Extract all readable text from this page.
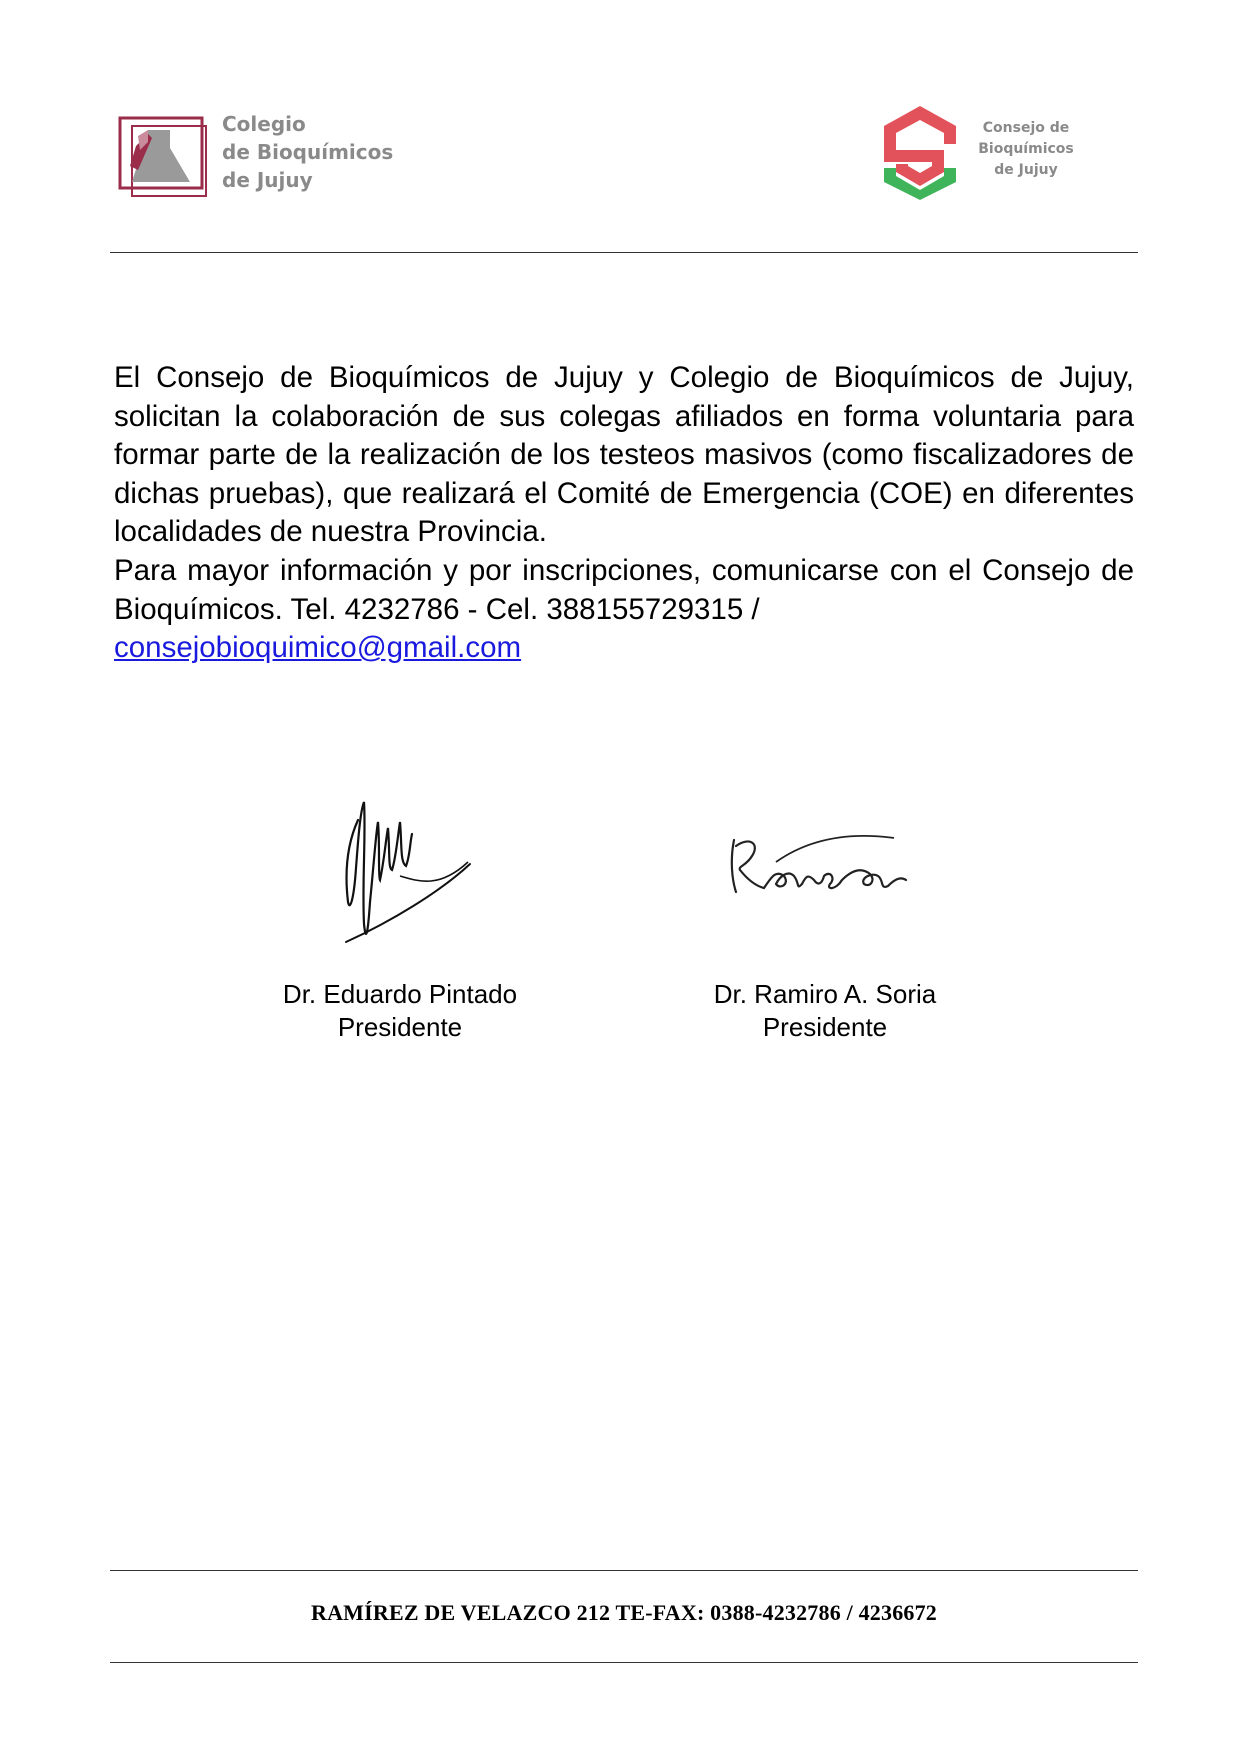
Colegio
de Bioquímicos
de Jujuy
Consejo de
Bioquímicos
de Jujuy

El Consejo de Bioquímicos de Jujuy y Colegio de Bioquímicos de Jujuy, solicitan la colaboración de sus colegas afiliados en forma voluntaria para formar parte de la realización de los testeos masivos (como fiscalizadores de dichas pruebas), que realizará el Comité de Emergencia (COE) en diferentes localidades de nuestra Provincia.

Para mayor información y por inscripciones, comunicarse con el Consejo de Bioquímicos. Tel. 4232786 - Cel. 388155729315 /
consejobioquimico@gmail.com

Dr. Eduardo Pintado
Presidente
Dr. Ramiro A. Soria
Presidente
RAMÍREZ DE VELAZCO 212 TE-FAX: 0388-4232786 / 4236672
